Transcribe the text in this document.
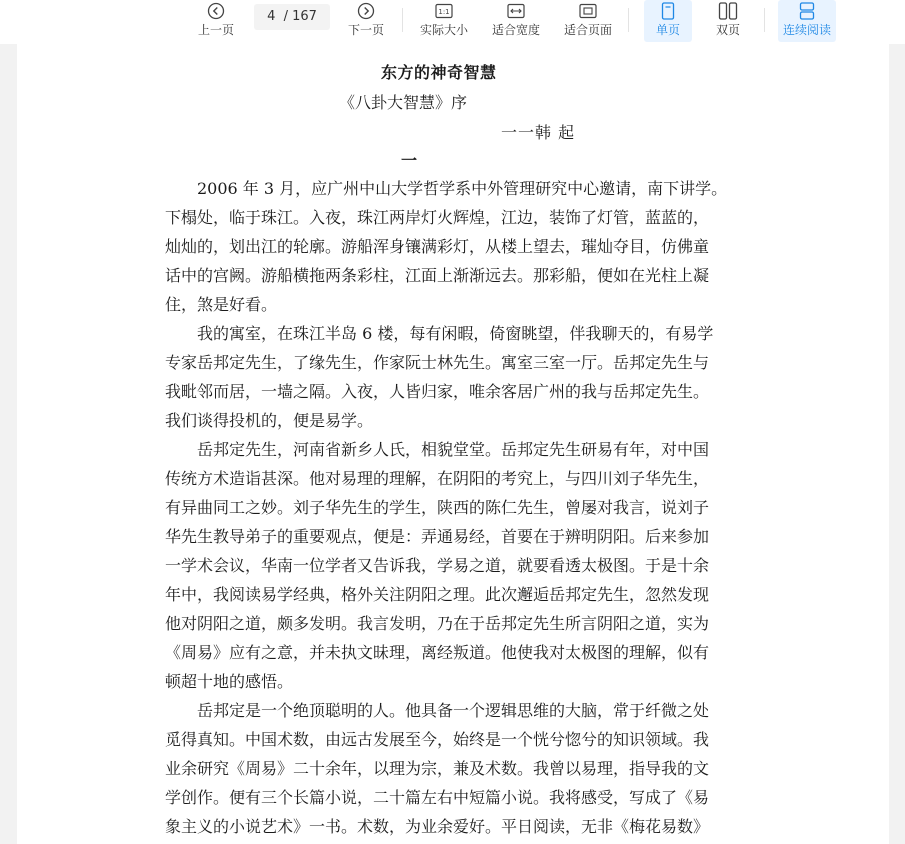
上一页
4
/ 167
下一页
1:1
实际大小 适合宽度 适合页面	单页	双页	连续阅读
东方的神奇智慧
《八卦大智慧》序
一一韩 起
一

　　2006 年 3 月，应广州中山大学哲学系中外管理研究中心邀请，南下讲学。

下榻处，临于珠江。入夜，珠江两岸灯火辉煌，江边，装饰了灯管，蓝蓝的，

灿灿的，划出江的轮廓。游船浑身镶满彩灯，从楼上望去，璀灿夺目，仿佛童

话中的宫阙。游船横拖两条彩柱，江面上渐渐远去。那彩船，便如在光柱上凝

住，煞是好看。

　　我的寓室，在珠江半岛 6 楼，每有闲暇，倚窗眺望，伴我聊天的，有易学

专家岳邦定先生，了缘先生，作家阮士林先生。寓室三室一厅。岳邦定先生与

我毗邻而居，一墙之隔。入夜，人皆归家，唯余客居广州的我与岳邦定先生。

我们谈得投机的，便是易学。

　　岳邦定先生，河南省新乡人氏，相貌堂堂。岳邦定先生研易有年，对中国

传统方术造诣甚深。他对易理的理解，在阴阳的考究上，与四川刘子华先生，

有异曲同工之妙。刘子华先生的学生，陕西的陈仁先生，曾屡对我言，说刘子

华先生教导弟子的重要观点，便是：弄通易经，首要在于辨明阴阳。后来参加

一学术会议，华南一位学者又告诉我，学易之道，就要看透太极图。于是十余

年中，我阅读易学经典，格外关注阴阳之理。此次邂逅岳邦定先生，忽然发现

他对阴阳之道，颇多发明。我言发明，乃在于岳邦定先生所言阴阳之道，实为

《周易》应有之意，并未执文昧理，离经叛道。他使我对太极图的理解，似有

顿超十地的感悟。

　　岳邦定是一个绝顶聪明的人。他具备一个逻辑思维的大脑，常于纤微之处

觅得真知。中国术数，由远古发展至今，始终是一个恍兮惚兮的知识领域。我

业余研究《周易》二十余年，以理为宗，兼及术数。我曾以易理，指导我的文

学创作。便有三个长篇小说，二十篇左右中短篇小说。我将感受，写成了《易

象主义的小说艺术》一书。术数，为业余爱好。平日阅读，无非《梅花易数》
